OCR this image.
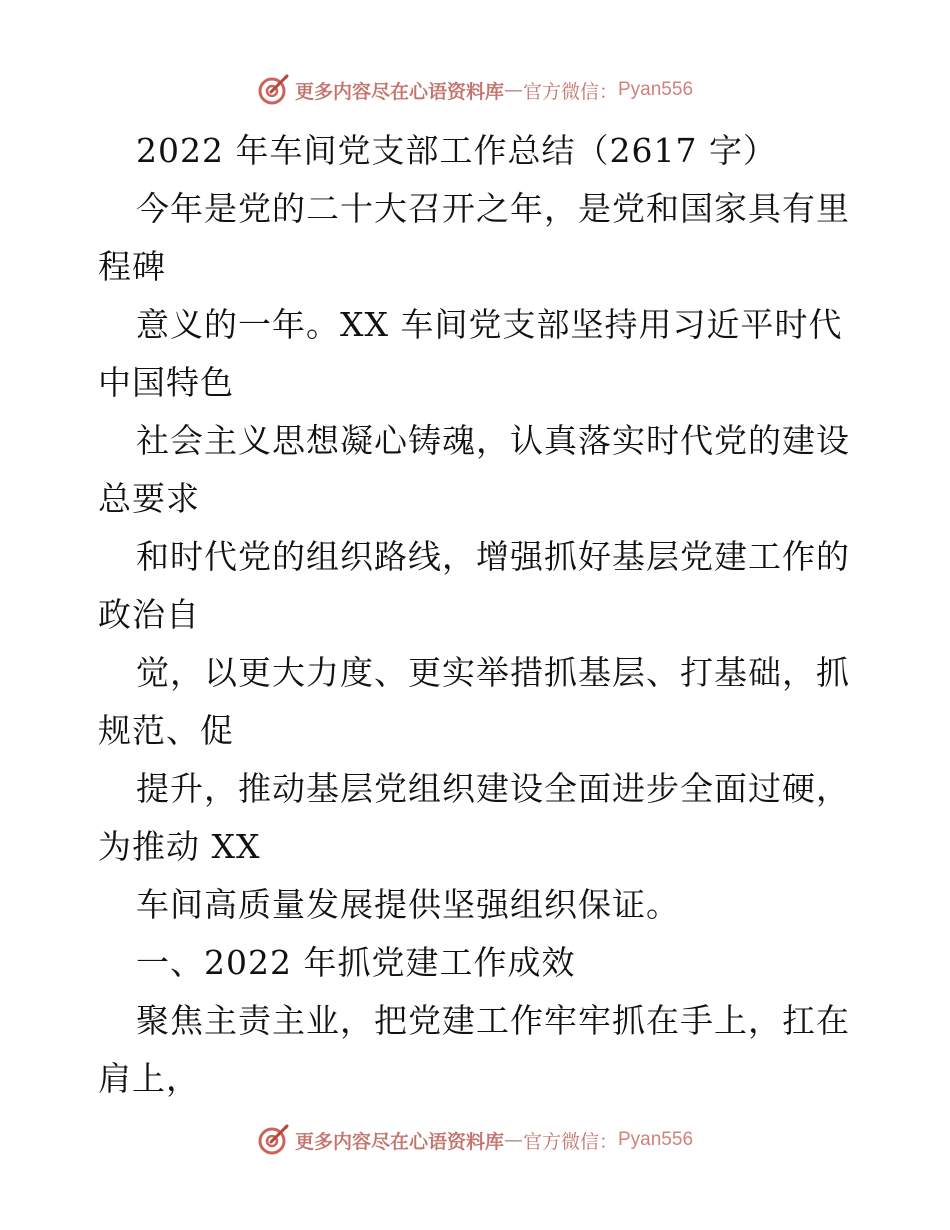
更多内容尽在心语资料库 — 官方微信： Pyan556
2022 年车间党支部工作总结（2617 字）
今年是党的二十大召开之年，是党和国家具有里
程碑
意义的一年。XX 车间党支部坚持用习近平时代
中国特色
社会主义思想凝心铸魂，认真落实时代党的建设
总要求
和时代党的组织路线，增强抓好基层党建工作的
政治自
觉，以更大力度、更实举措抓基层、打基础，抓
规范、促
提升，推动基层党组织建设全面进步全面过硬，
为推动 XX
车间高质量发展提供坚强组织保证。
一、2022 年抓党建工作成效
聚焦主责主业，把党建工作牢牢抓在手上，扛在
肩上，
更多内容尽在心语资料库 — 官方微信： Pyan556
